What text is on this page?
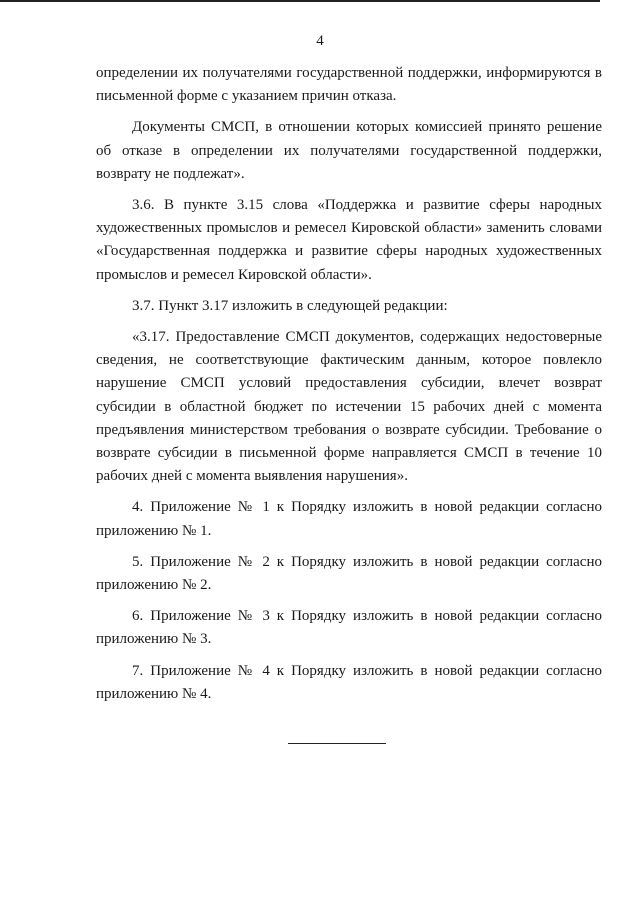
4

определении их получателями государственной поддержки, информируются в письменной форме с указанием причин отказа.

Документы СМСП, в отношении которых комиссией принято решение об отказе в определении их получателями государственной поддержки, возврату не подлежат».

3.6. В пункте 3.15 слова «Поддержка и развитие сферы народных художественных промыслов и ремесел Кировской области» заменить словами «Государственная поддержка и развитие сферы народных художественных промыслов и ремесел Кировской области».

3.7. Пункт 3.17 изложить в следующей редакции:

«3.17. Предоставление СМСП документов, содержащих недостоверные сведения, не соответствующие фактическим данным, которое повлекло нарушение СМСП условий предоставления субсидии, влечет возврат субсидии в областной бюджет по истечении 15 рабочих дней с момента предъявления министерством требования о возврате субсидии. Требование о возврате субсидии в письменной форме направляется СМСП в течение 10 рабочих дней с момента выявления нарушения».

4. Приложение № 1 к Порядку изложить в новой редакции согласно приложению № 1.

5. Приложение № 2 к Порядку изложить в новой редакции согласно приложению № 2.

6. Приложение № 3 к Порядку изложить в новой редакции согласно приложению № 3.

7. Приложение № 4 к Порядку изложить в новой редакции согласно приложению № 4.
